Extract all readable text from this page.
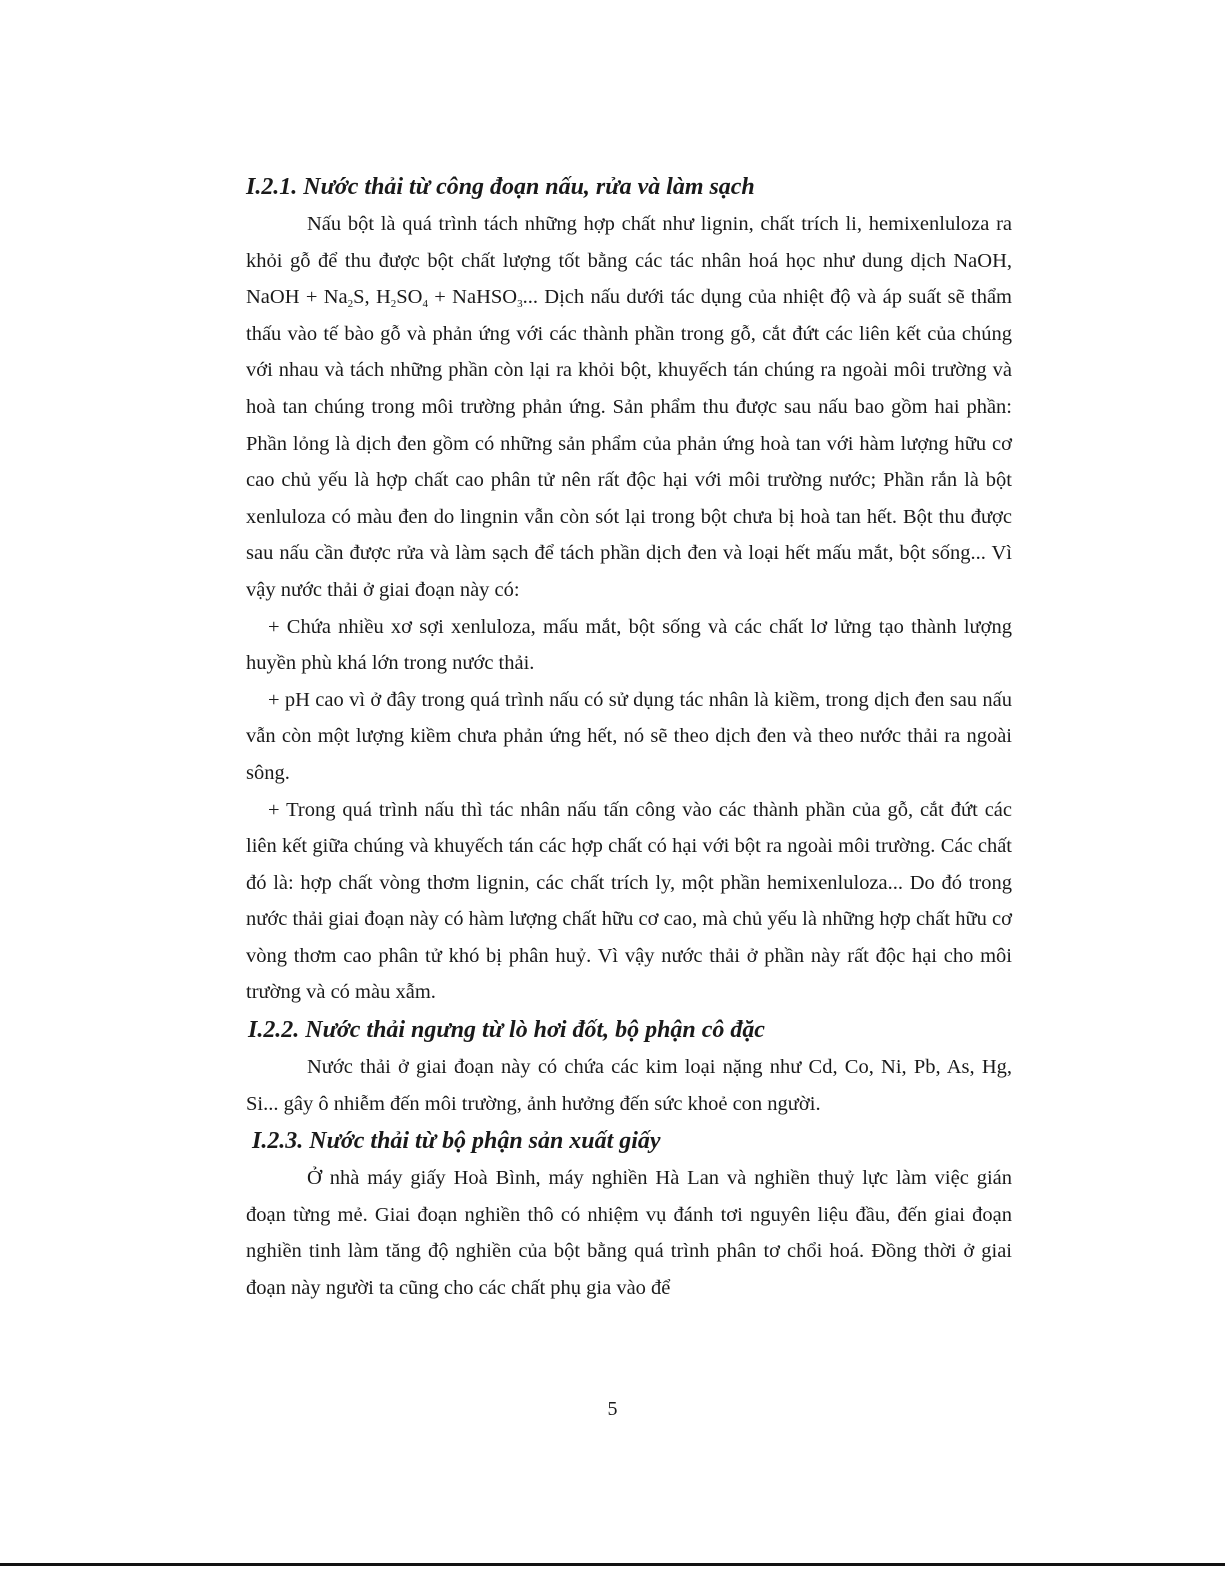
I.2.1. Nước thải từ công đoạn nấu, rửa và làm sạch

Nấu bột là quá trình tách những hợp chất như lignin, chất trích li, hemixenluloza ra khỏi gỗ để thu được bột chất lượng tốt bằng các tác nhân hoá học như dung dịch NaOH, NaOH + $Na_2S$, $H_2SO_4$ + NaHSO$_3$... Dịch nấu dưới tác dụng của nhiệt độ và áp suất sẽ thẩm thấu vào tế bào gỗ và phản ứng với các thành phần trong gỗ, cắt đứt các liên kết của chúng với nhau và tách những phần còn lại ra khỏi bột, khuyếch tán chúng ra ngoài môi trường và hoà tan chúng trong môi trường phản ứng. Sản phẩm thu được sau nấu bao gồm hai phần: Phần lỏng là dịch đen gồm có những sản phẩm của phản ứng hoà tan với hàm lượng hữu cơ cao chủ yếu là hợp chất cao phân tử nên rất độc hại với môi trường nước; Phần rắn là bột xenluloza có màu đen do lingnin vẫn còn sót lại trong bột chưa bị hoà tan hết. Bột thu được sau nấu cần được rửa và làm sạch để tách phần dịch đen và loại hết mấu mắt, bột sống... Vì vậy nước thải ở giai đoạn này có:

+ Chứa nhiều xơ sợi xenluloza, mấu mắt, bột sống và các chất lơ lửng tạo thành lượng huyền phù khá lớn trong nước thải.

+ pH cao vì ở đây trong quá trình nấu có sử dụng tác nhân là kiềm, trong dịch đen sau nấu vẫn còn một lượng kiềm chưa phản ứng hết, nó sẽ theo dịch đen và theo nước thải ra ngoài sông.

+ Trong quá trình nấu thì tác nhân nấu tấn công vào các thành phần của gỗ, cắt đứt các liên kết giữa chúng và khuyếch tán các hợp chất có hại với bột ra ngoài môi trường. Các chất đó là: hợp chất vòng thơm lignin, các chất trích ly, một phần hemixenluloza... Do đó trong nước thải giai đoạn này có hàm lượng chất hữu cơ cao, mà chủ yếu là những hợp chất hữu cơ vòng thơm cao phân tử khó bị phân huỷ. Vì vậy nước thải ở phần này rất độc hại cho môi trường và có màu xẫm.

I.2.2. Nước thải ngưng từ lò hơi đốt, bộ phận cô đặc

Nước thải ở giai đoạn này có chứa các kim loại nặng như Cd, Co, Ni, Pb, As, Hg, Si... gây ô nhiễm đến môi trường, ảnh hưởng đến sức khoẻ con người.

I.2.3. Nước thải từ bộ phận sản xuất giấy

Ở nhà máy giấy Hoà Bình, máy nghiền Hà Lan và nghiền thuỷ lực làm việc gián đoạn từng mẻ. Giai đoạn nghiền thô có nhiệm vụ đánh tơi nguyên liệu đầu, đến giai đoạn nghiền tinh làm tăng độ nghiền của bột bằng quá trình phân tơ chổi hoá. Đồng thời ở giai đoạn này người ta cũng cho các chất phụ gia vào để

5
